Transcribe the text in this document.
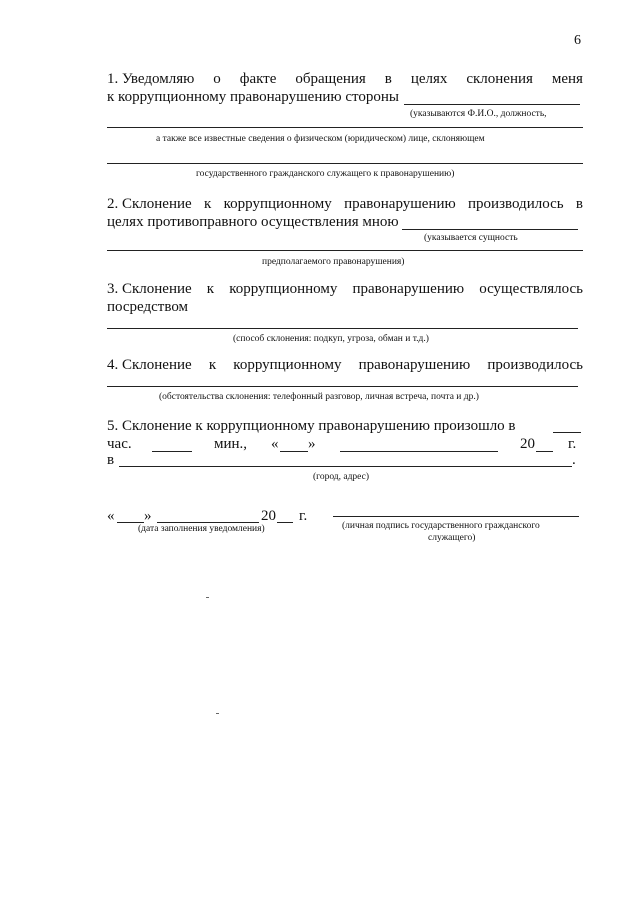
6
1. Уведомляю о факте обращения в целях склонения меня
к коррупционному правонарушению стороны
(указываются Ф.И.О., должность,
а также все известные сведения о физическом (юридическом) лице, склоняющем
государственного гражданского служащего к правонарушению)
2. Склонение к коррупционному правонарушению производилось в
целях противоправного осуществления мною
(указывается сущность
предполагаемого правонарушения)
3. Склонение к коррупционному правонарушению осуществлялось
посредством
(способ склонения: подкуп, угроза, обман и т.д.)
4. Склонение к коррупционному правонарушению производилось
(обстоятельства склонения: телефонный разговор, личная встреча, почта и др.)
5. Склонение к коррупционному правонарушению произошло в
час.	мин., « »	20 г.
в	.
(город, адрес)
« »	20 г.
(дата заполнения уведомления)	(личная подпись государственного гражданского
служащего)
